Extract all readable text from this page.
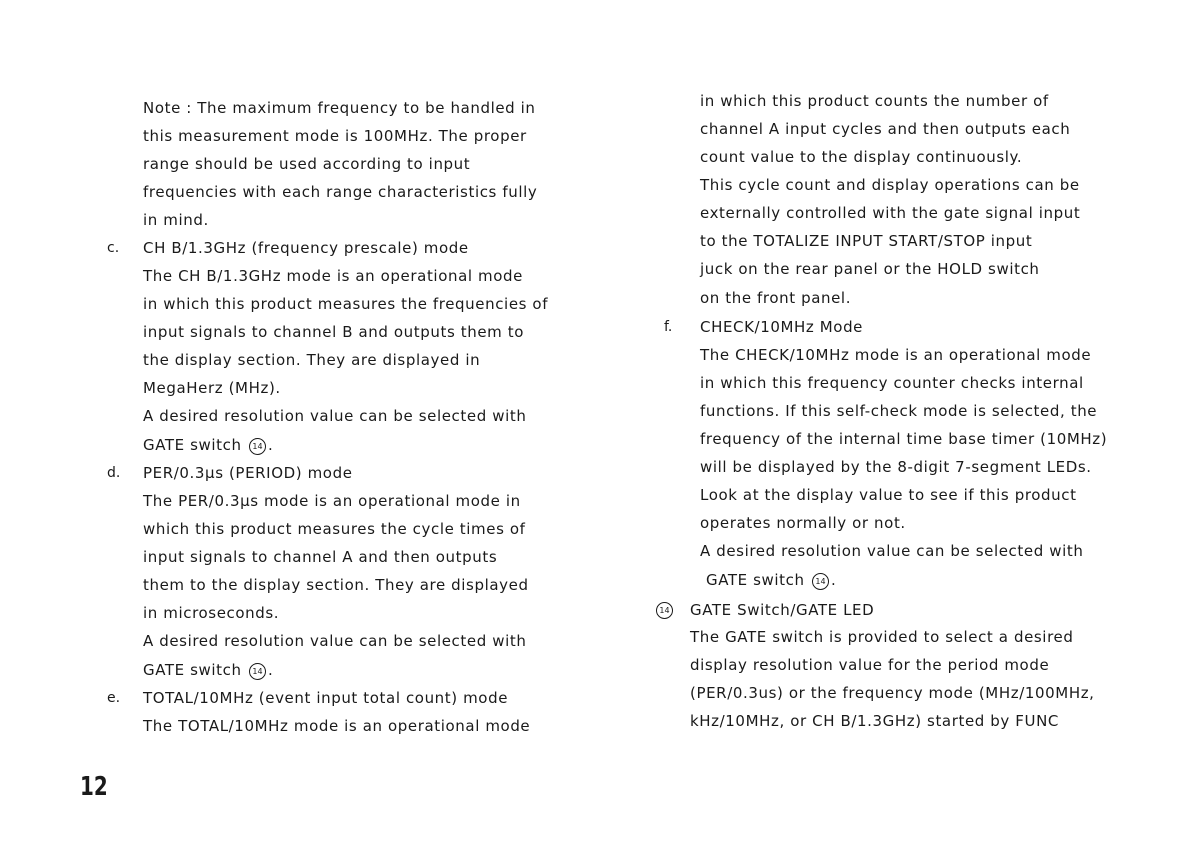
Note : The maximum frequency to be handled in
this measurement mode is 100MHz. The proper
range should be used according to input
frequencies with each range characteristics fully
in mind.
c. CH B/1.3GHz (frequency prescale) mode
The CH B/1.3GHz mode is an operational mode
in which this product measures the frequencies of
input signals to channel B and outputs them to
the display section. They are displayed in
MegaHerz (MHz).
A desired resolution value can be selected with
GATE switch 14 .
d. PER/0.3μs (PERIOD) mode
The PER/0.3μs mode is an operational mode in
which this product measures the cycle times of
input signals to channel A and then outputs
them to the display section. They are displayed
in microseconds.
A desired resolution value can be selected with
GATE switch 14 .
e. TOTAL/10MHz (event input total count) mode
The TOTAL/10MHz mode is an operational mode
in which this product counts the number of
channel A input cycles and then outputs each
count value to the display continuously.
This cycle count and display operations can be
externally controlled with the gate signal input
to the TOTALIZE INPUT START/STOP input
juck on the rear panel or the HOLD switch
on the front panel.
f. CHECK/10MHz Mode
The CHECK/10MHz mode is an operational mode
in which this frequency counter checks internal
functions. If this self-check mode is selected, the
frequency of the internal time base timer (10MHz)
will be displayed by the 8-digit 7-segment LEDs.
Look at the display value to see if this product
operates normally or not.
A desired resolution value can be selected with
GATE switch 14 .
14	GATE Switch/GATE LED
The GATE switch is provided to select a desired
display resolution value for the period mode
(PER/0.3us) or the frequency mode (MHz/100MHz,
kHz/10MHz, or CH B/1.3GHz) started by FUNC
12
